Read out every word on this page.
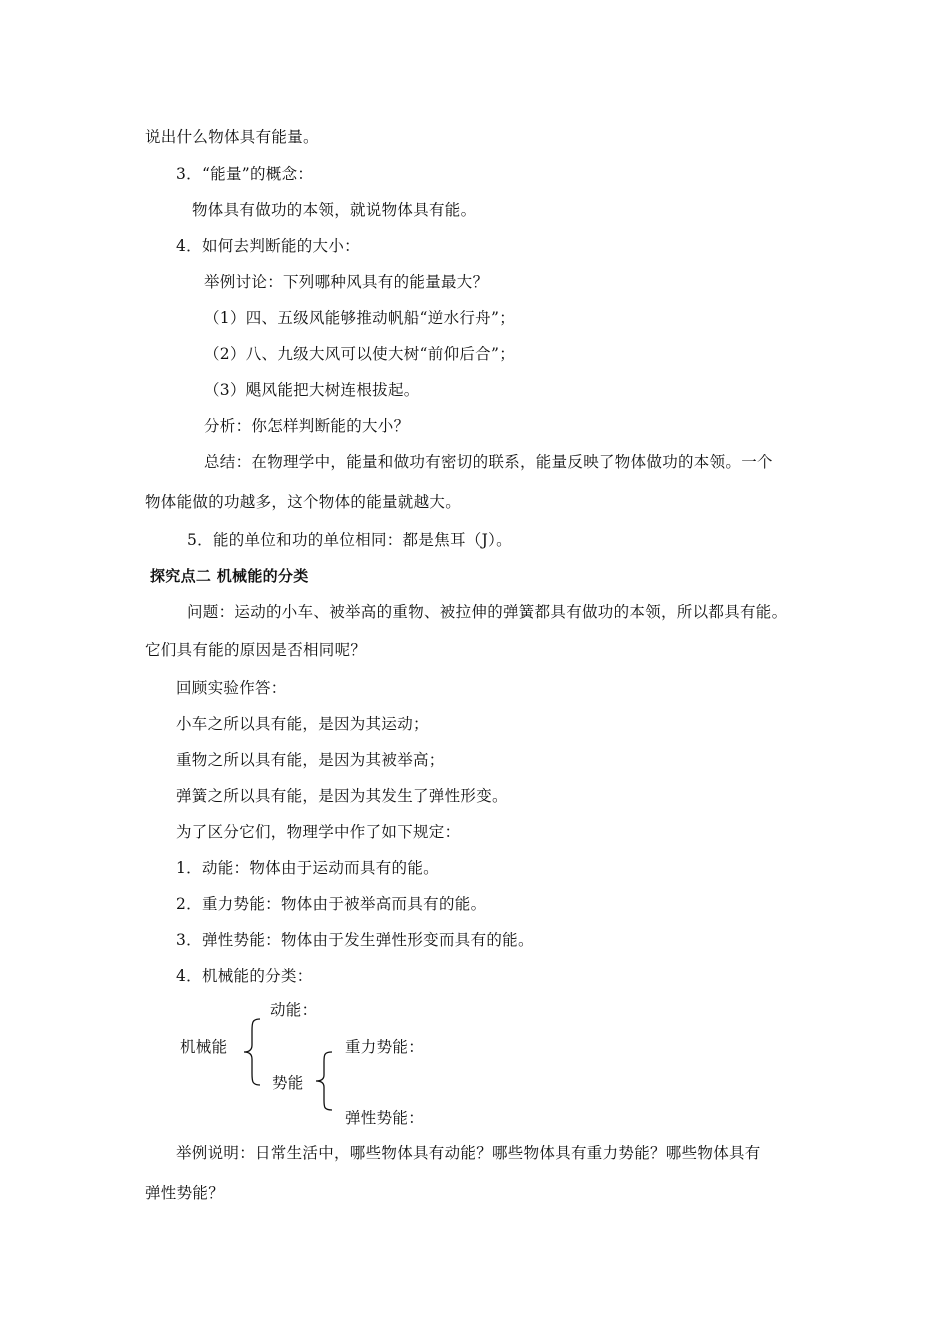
说出什么物体具有能量。
3．“能量”的概念：
物体具有做功的本领，就说物体具有能。
4．如何去判断能的大小：
举例讨论：下列哪种风具有的能量最大？
（1）四、五级风能够推动帆船“逆水行舟”；
（2）八、九级大风可以使大树“前仰后合”；
（3）飓风能把大树连根拔起。
分析：你怎样判断能的大小？
总结：在物理学中，能量和做功有密切的联系，能量反映了物体做功的本领。一个
物体能做的功越多，这个物体的能量就越大。
5．能的单位和功的单位相同：都是焦耳（J）。
探究点二 机械能的分类
问题：运动的小车、被举高的重物、被拉伸的弹簧都具有做功的本领，所以都具有能。
它们具有能的原因是否相同呢？
回顾实验作答：
小车之所以具有能，是因为其运动；
重物之所以具有能，是因为其被举高；
弹簧之所以具有能，是因为其发生了弹性形变。
为了区分它们，物理学中作了如下规定：
1．动能：物体由于运动而具有的能。
2．重力势能：物体由于被举高而具有的能。
3．弹性势能：物体由于发生弹性形变而具有的能。
4．机械能的分类：
动能：
机械能	重力势能：
势能
弹性势能：
举例说明：日常生活中，哪些物体具有动能？哪些物体具有重力势能？哪些物体具有
弹性势能？
